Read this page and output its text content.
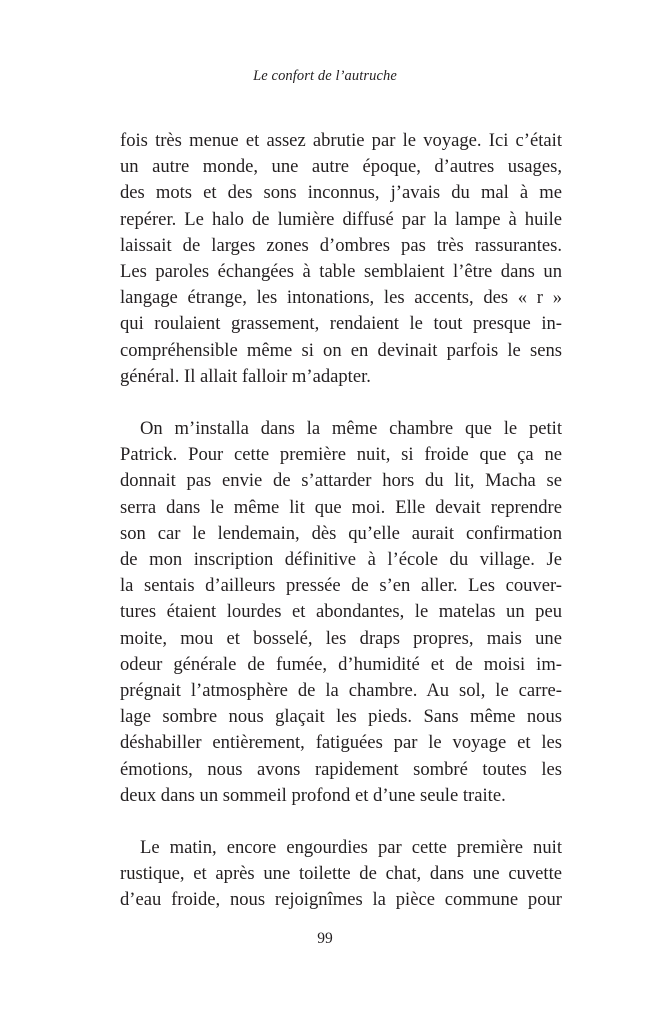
Le confort de l’autruche
fois très menue et assez abrutie par le voyage. Ici c’était
un autre monde, une autre époque, d’autres usages,
des mots et des sons inconnus, j’avais du mal à me
repérer. Le halo de lumière diffusé par la lampe à huile
laissait de larges zones d’ombres pas très rassurantes.
Les paroles échangées à table semblaient l’être dans un
langage étrange, les intonations, les accents, des « r »
qui roulaient grassement, rendaient le tout presque in-
compréhensible même si on en devinait parfois le sens
général. Il allait falloir m’adapter.
On m’installa dans la même chambre que le petit
Patrick. Pour cette première nuit, si froide que ça ne
donnait pas envie de s’attarder hors du lit, Macha se
serra dans le même lit que moi. Elle devait reprendre
son car le lendemain, dès qu’elle aurait confirmation
de mon inscription définitive à l’école du village. Je
la sentais d’ailleurs pressée de s’en aller. Les couver-
tures étaient lourdes et abondantes, le matelas un peu
moite, mou et bosselé, les draps propres, mais une
odeur générale de fumée, d’humidité et de moisi im-
prégnait l’atmosphère de la chambre. Au sol, le carre-
lage sombre nous glaçait les pieds. Sans même nous
déshabiller entièrement, fatiguées par le voyage et les
émotions, nous avons rapidement sombré toutes les
deux dans un sommeil profond et d’une seule traite.
Le matin, encore engourdies par cette première nuit
rustique, et après une toilette de chat, dans une cuvette
d’eau froide, nous rejoignîmes la pièce commune pour
99
